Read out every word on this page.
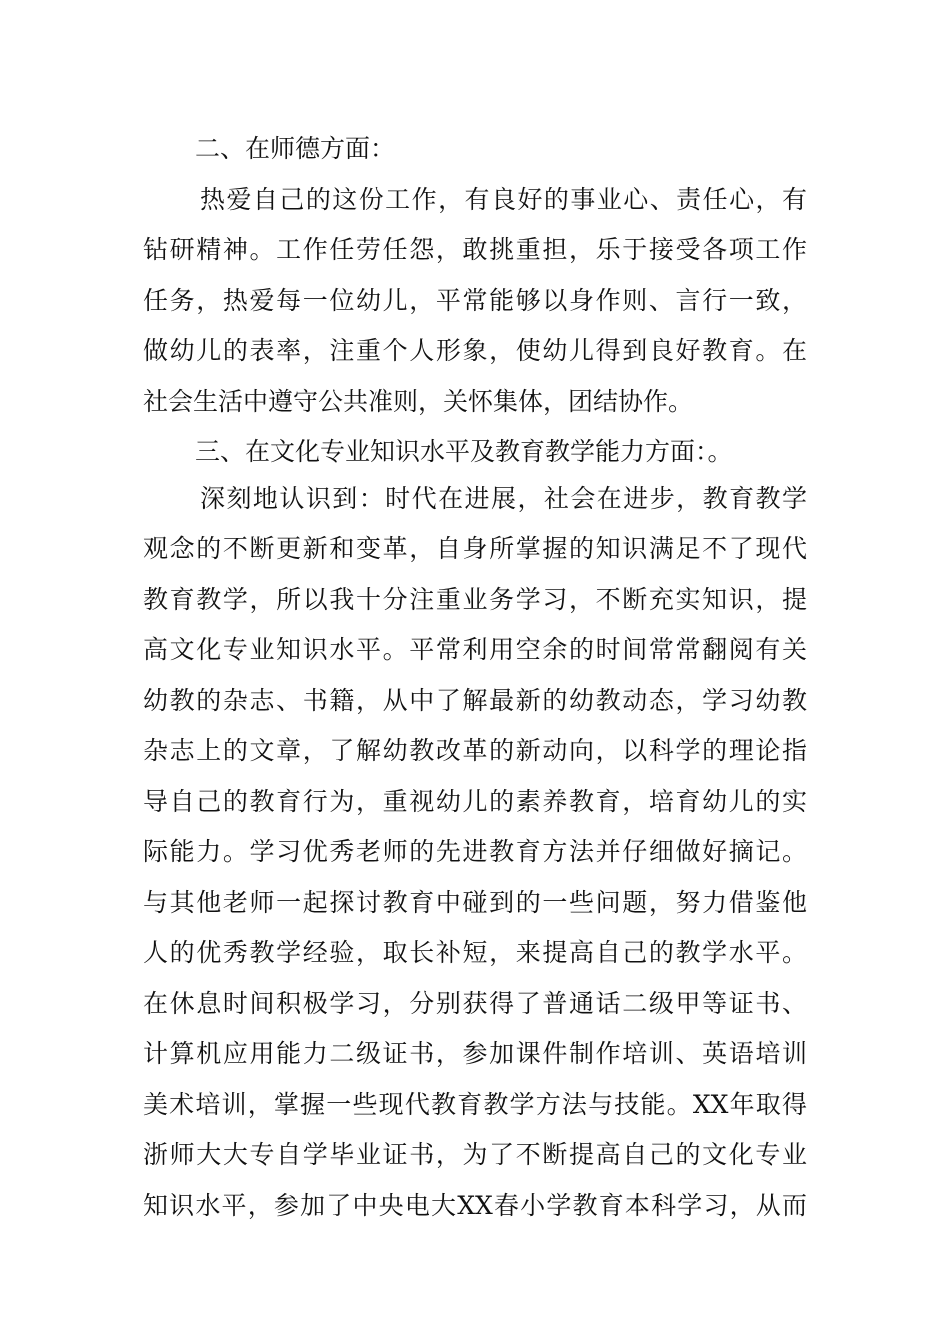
二、在师德方面：
热爱自己的这份工作，有良好的事业心、责任心，有
钻研精神。工作任劳任怨，敢挑重担，乐于接受各项工作
任务，热爱每一位幼儿，平常能够以身作则、言行一致，
做幼儿的表率，注重个人形象，使幼儿得到良好教育。在
社会生活中遵守公共准则，关怀集体，团结协作。
三、在文化专业知识水平及教育教学能力方面：。
深刻地认识到：时代在进展，社会在进步，教育教学
观念的不断更新和变革，自身所掌握的知识满足不了现代
教育教学，所以我十分注重业务学习，不断充实知识，提
高文化专业知识水平。平常利用空余的时间常常翻阅有关
幼教的杂志、书籍，从中了解最新的幼教动态，学习幼教
杂志上的文章，了解幼教改革的新动向，以科学的理论指
导自己的教育行为，重视幼儿的素养教育，培育幼儿的实
际能力。学习优秀老师的先进教育方法并仔细做好摘记。
与其他老师一起探讨教育中碰到的一些问题，努力借鉴他
人的优秀教学经验，取长补短，来提高自己的教学水平。
在休息时间积极学习，分别获得了普通话二级甲等证书、
计算机应用能力二级证书，参加课件制作培训、英语培训
美术培训，掌握一些现代教育教学方法与技能。XX年取得
浙师大大专自学毕业证书，为了不断提高自己的文化专业
知识水平，参加了中央电大XX春小学教育本科学习，从而
